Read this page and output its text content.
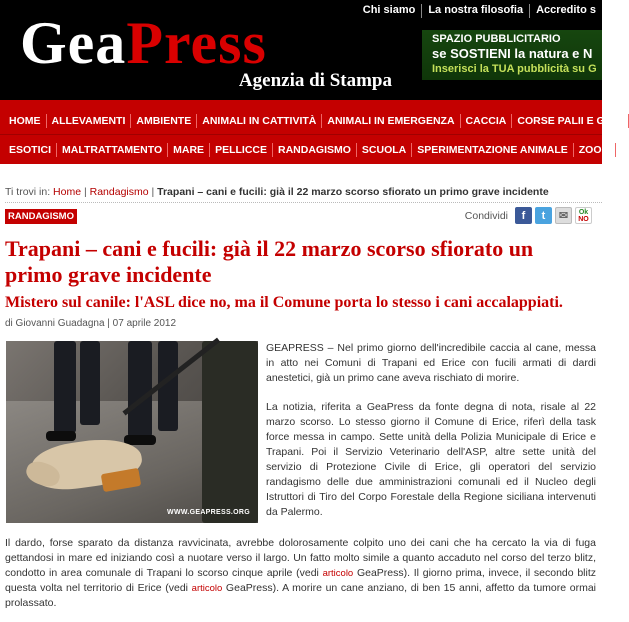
GeaPress
Agenzia di Stampa
Chi siamo	La nostra filosofia	Accredito s
SPAZIO PUBBLICITARIO
se SOSTIENI la natura e N
Inserisci la TUA pubblicità su G
HOME	ALLEVAMENTI	AMBIENTE	ANIMALI IN CATTIVITÀ	ANIMALI IN EMERGENZA	CACCIA	CORSE PALII E GIOC
ESOTICI	MALTRATTAMENTO	MARE	PELLICCE	RANDAGISMO	SCUOLA	SPERIMENTAZIONE ANIMALE	ZOOM
Ti trovi in: Home | Randagismo | Trapani – cani e fucili: già il 22 marzo scorso sfiorato un primo grave incidente
RANDAGISMO	Condividi	f	t	✉	Ok
NO
Trapani – cani e fucili: già il 22 marzo scorso sfiorato un primo grave incidente
Mistero sul canile: l'ASL dice no, ma il Comune porta lo stesso i cani accalappiati.
di Giovanni Guadagna | 07 aprile 2012
WWW.GEAPRESS.ORG

GEAPRESS – Nel primo giorno dell'incredibile caccia al cane, messa in atto nei Comuni di Trapani ed Erice con fucili armati di dardi anestetici, già un primo cane aveva rischiato di morire.

La notizia, riferita a GeaPress da fonte degna di nota, risale al 22 marzo scorso. Lo stesso giorno il Comune di Erice, riferì della task force messa in campo. Sette unità della Polizia Municipale di Erice e Trapani. Poi il Servizio Veterinario dell'ASP, altre sette unità del servizio di Protezione Civile di Erice, gli operatori del servizio randagismo delle due amministrazioni comunali ed il Nucleo degli Istruttori di Tiro del Corpo Forestale della Regione siciliana intervenuti da Palermo.

Il dardo, forse sparato da distanza ravvicinata, avrebbe dolorosamente colpito uno dei cani che ha cercato la via di fuga gettandosi in mare ed iniziando così a nuotare verso il largo. Un fatto molto simile a quanto accaduto nel corso del terzo blitz, condotto in area comunale di Trapani lo scorso cinque aprile (vedi articolo GeaPress). Il giorno prima, invece, il secondo blitz questa volta nel territorio di Erice (vedi articolo GeaPress). A morire un cane anziano, di ben 15 anni, affetto da tumore ormai prolassato.
